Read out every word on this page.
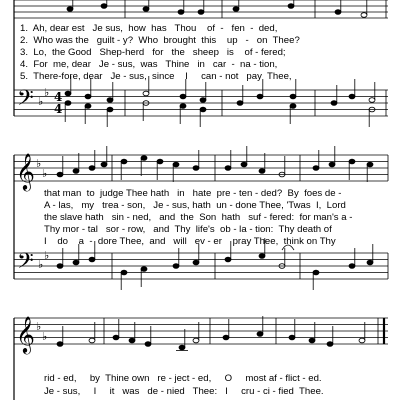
𝄢 ♭
♭ 4
4
𝄞
𝄢
♭
♭
♭
♭
𝄞 ♭
♭
1.  Ah, dear est   Je sus,  how  has   Thou    of  -   fen  -  ded,
2.  Who was the   guilt - y?  Who  brought  this    up   -   on  Thee?
3.  Lo,  the Good   Shep-herd   for   the   sheep   is    of - fered;
4.  For  me, dear   Je - sus,  was   Thine   in   car  -  na - tion,
5.  There-fore, dear   Je - sus,  since    I     can - not   pay  Thee,
that man  to  judge Thee hath   in   hate  pre - ten - ded?  By  foes de -
A - las,   my   trea - son,   Je - sus, hath  un - done Thee, 'Twas  I,  Lord
the slave hath   sin - ned,   and  the  Son  hath   suf - fered:  for man's a -
Thy mor - tal   sor - row,   and  Thy  life's  ob - la - tion:  Thy death of
I    do    a  -  dore Thee,  and   will   ev - er    pray Thee,  think on Thy
rid - ed,     by  Thine own   re - ject - ed,     O     most af - flict - ed.
Je - sus,     I     it   was   de - nied   Thee:   I     cru - ci - fied  Thee.
